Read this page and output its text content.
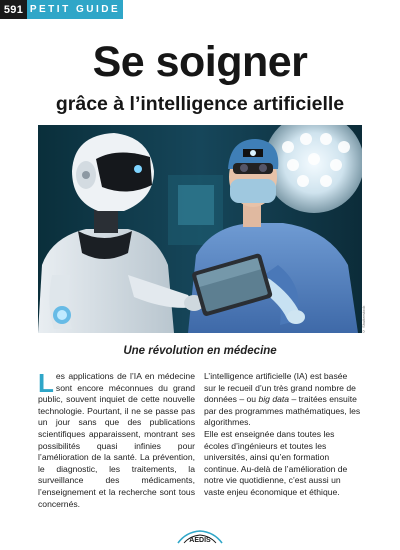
591 PETIT GUIDE
Se soigner
grâce à l’intelligence artificielle
© Shutterstock

Une révolution en médecine

L es applications de l’IA en médecine sont encore méconnues du grand public, souvent inquiet de cette nouvelle technologie. Pourtant, il ne se passe pas un jour sans que des publications scientifiques apparaissent, montrant ses possibilités quasi infinies pour l’amélioration de la santé. La prévention, le diagnostic, les traitements, la surveillance des médicaments, l’enseignement et la recherche sont tous concernés.

L’intelligence artificielle (IA) est basée sur le recueil d’un très grand nombre de données – ou big data – traitées ensuite par des programmes mathématiques, les algorithmes.

Elle est enseignée dans toutes les écoles d’ingénieurs et toutes les universités, ainsi qu’en formation continue. Au-delà de l’amélioration de notre vie quotidienne, c’est aussi un vaste enjeu économique et éthique.

AEDIS
